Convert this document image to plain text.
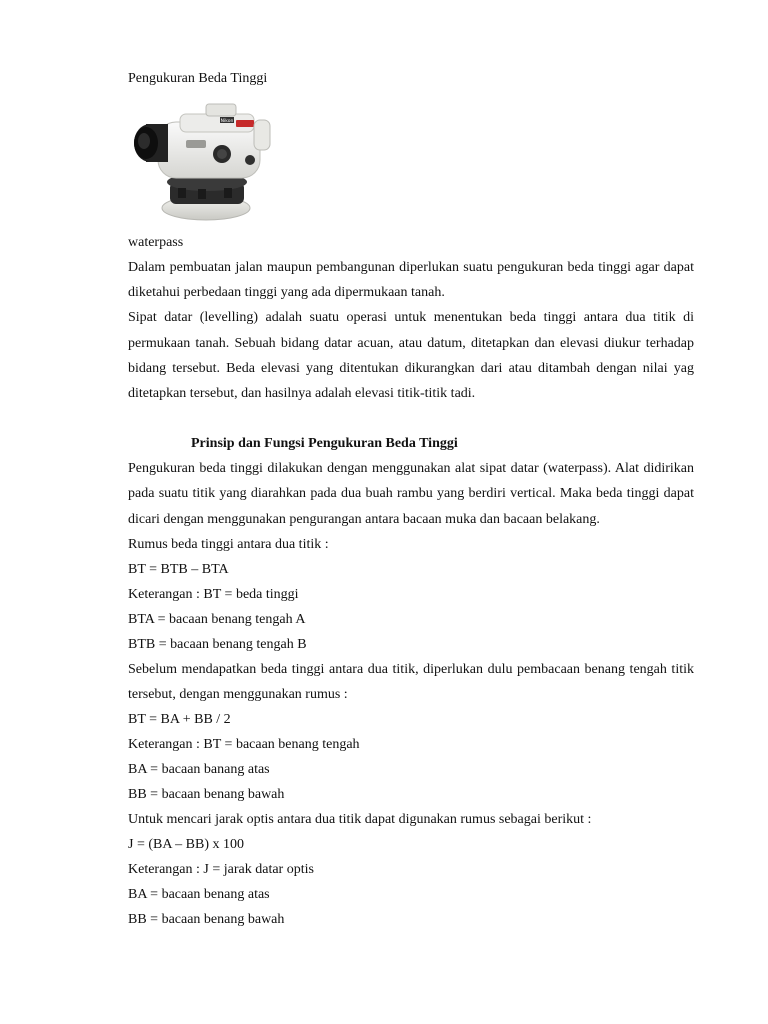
Pengukuran Beda Tinggi

Nikon

waterpass

Dalam pembuatan jalan maupun pembangunan diperlukan suatu pengukuran beda tinggi agar dapat diketahui perbedaan tinggi yang ada dipermukaan tanah.

Sipat datar (levelling) adalah suatu operasi untuk menentukan beda tinggi antara dua titik di permukaan tanah. Sebuah bidang datar acuan, atau datum, ditetapkan dan elevasi diukur terhadap bidang tersebut. Beda elevasi yang ditentukan dikurangkan dari atau ditambah dengan nilai yag ditetapkan tersebut, dan hasilnya adalah elevasi titik-titik tadi.

Prinsip dan Fungsi Pengukuran Beda Tinggi

Pengukuran beda tinggi dilakukan dengan menggunakan alat sipat datar (waterpass). Alat didirikan pada suatu titik yang diarahkan pada dua buah rambu yang berdiri vertical. Maka beda tinggi dapat dicari dengan menggunakan pengurangan antara bacaan muka dan bacaan belakang.

Rumus beda tinggi antara dua titik :

BT = BTB – BTA

Keterangan : BT = beda tinggi

BTA = bacaan benang tengah A

BTB = bacaan benang tengah B

Sebelum mendapatkan beda tinggi antara dua titik, diperlukan dulu pembacaan benang tengah titik tersebut, dengan menggunakan rumus :

BT = BA + BB / 2

Keterangan : BT = bacaan benang tengah

BA = bacaan banang atas

BB = bacaan benang bawah

Untuk mencari jarak optis antara dua titik dapat digunakan rumus sebagai berikut :

J = (BA – BB) x 100

Keterangan : J = jarak datar optis

BA = bacaan benang atas

BB = bacaan benang bawah
